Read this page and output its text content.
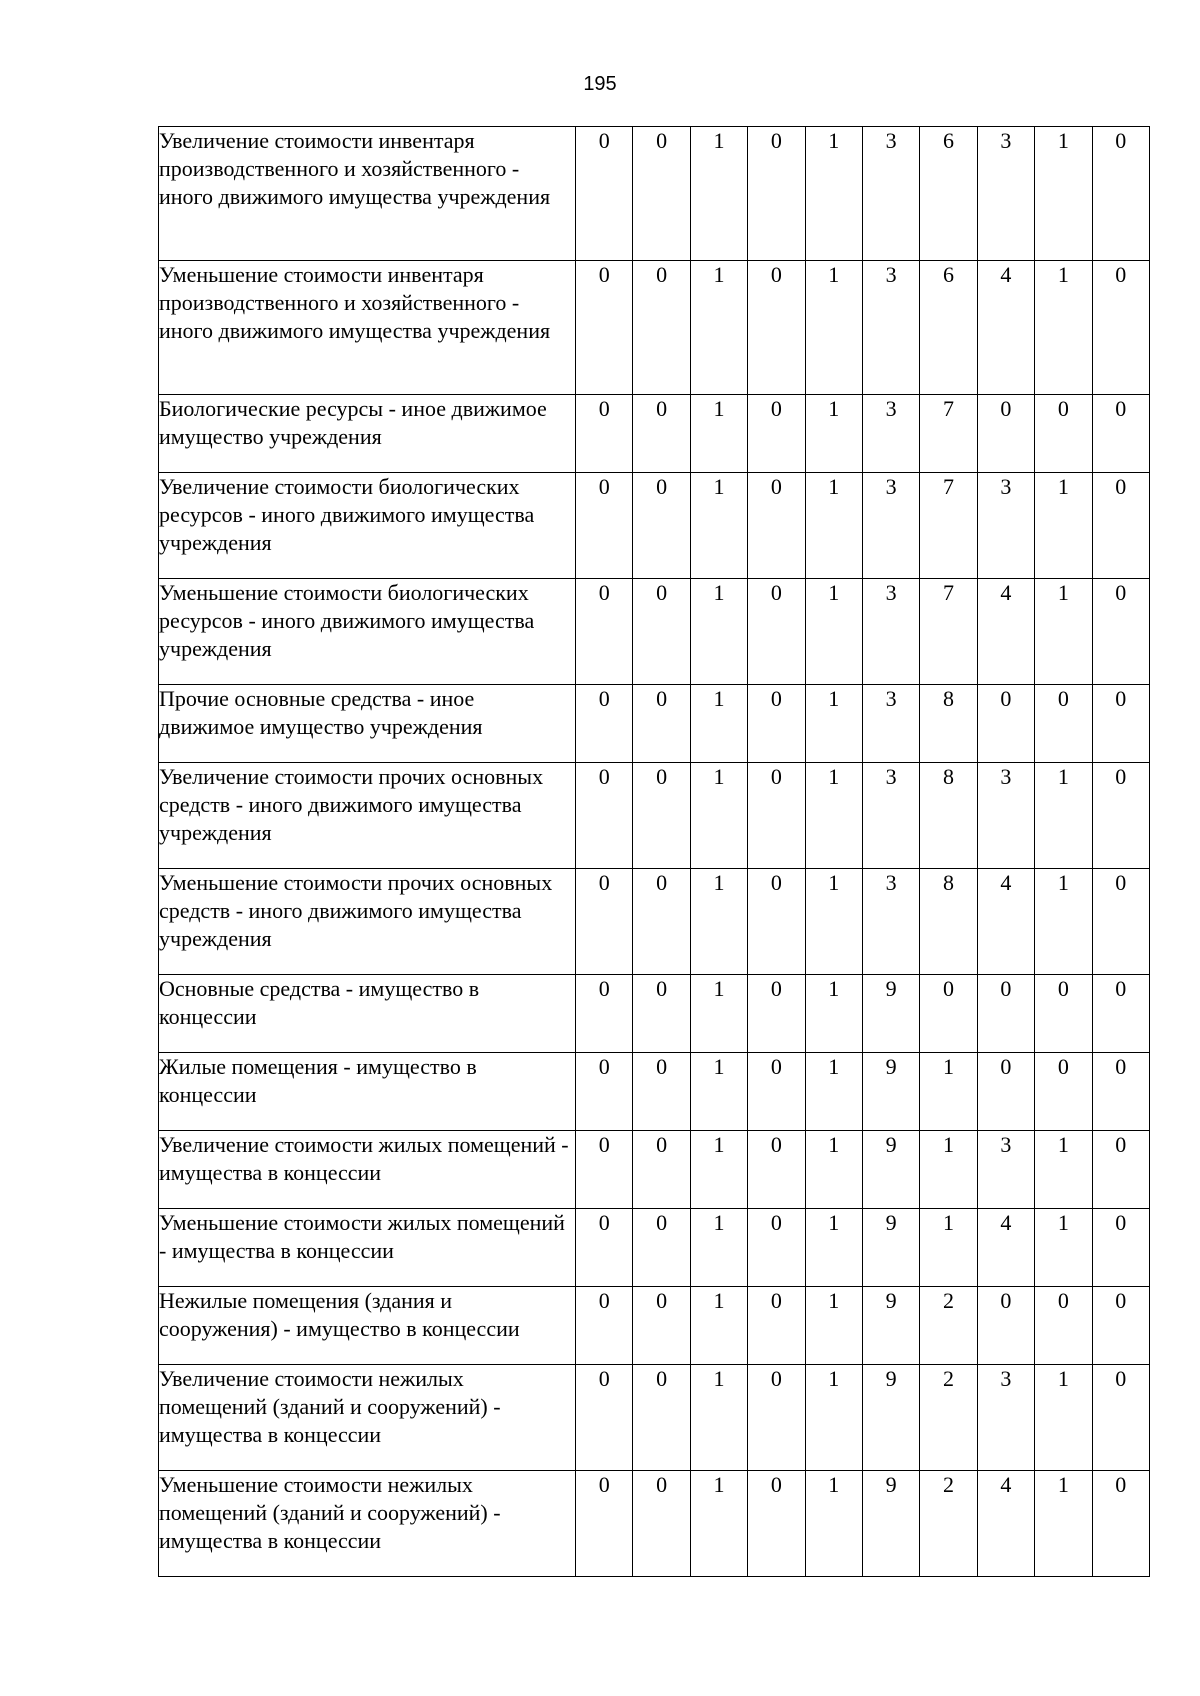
195
Увеличение стоимости инвентаря производственного и хозяйственного - иного движимого имущества учреждения	0	0	1	0	1	3	6	3	1	0
Уменьшение стоимости инвентаря производственного и хозяйственного - иного движимого имущества учреждения	0	0	1	0	1	3	6	4	1	0
Биологические ресурсы - иное движимое имущество учреждения	0	0	1	0	1	3	7	0	0	0
Увеличение стоимости биологических ресурсов - иного движимого имущества учреждения	0	0	1	0	1	3	7	3	1	0
Уменьшение стоимости биологических ресурсов - иного движимого имущества учреждения	0	0	1	0	1	3	7	4	1	0
Прочие основные средства - иное движимое имущество учреждения	0	0	1	0	1	3	8	0	0	0
Увеличение стоимости прочих основных средств - иного движимого имущества учреждения	0	0	1	0	1	3	8	3	1	0
Уменьшение стоимости прочих основных средств - иного движимого имущества учреждения	0	0	1	0	1	3	8	4	1	0
Основные средства - имущество в концессии	0	0	1	0	1	9	0	0	0	0
Жилые помещения - имущество в концессии	0	0	1	0	1	9	1	0	0	0
Увеличение стоимости жилых помещений - имущества в концессии	0	0	1	0	1	9	1	3	1	0
Уменьшение стоимости жилых помещений - имущества в концессии	0	0	1	0	1	9	1	4	1	0
Нежилые помещения (здания и сооружения) - имущество в концессии	0	0	1	0	1	9	2	0	0	0
Увеличение стоимости нежилых помещений (зданий и сооружений) - имущества в концессии	0	0	1	0	1	9	2	3	1	0
Уменьшение стоимости нежилых помещений (зданий и сооружений) - имущества в концессии	0	0	1	0	1	9	2	4	1	0
